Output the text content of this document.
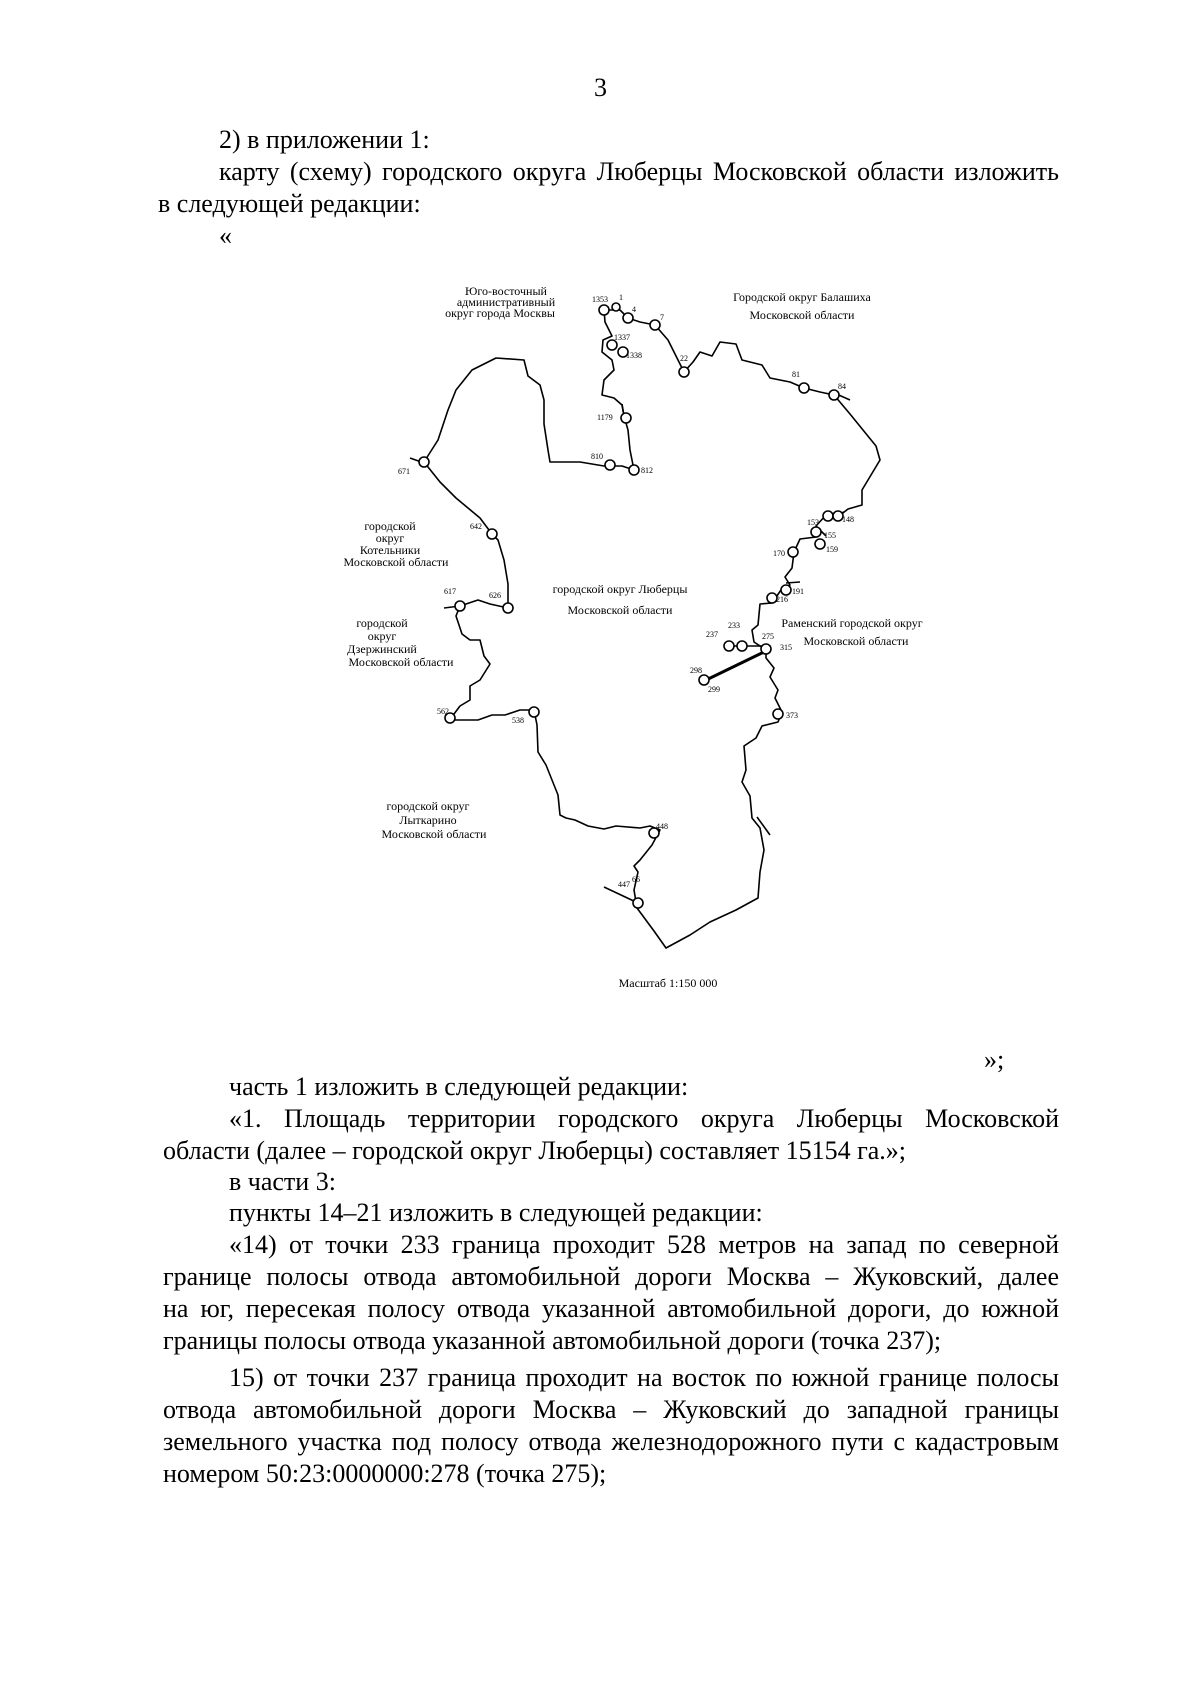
3
2) в приложении 1:
карту (схему) городского округа Люберцы Московской области изложить
в следующей редакции:
«
1353 1
4
7
1337
1338	22
81
84
1179
810
812
671
642
626
617
153	148
155
159
170
191
216
233
237	275
315
298
299
373
562
538
448
447
66
Юго-восточный административный округ города Москвы
Городской округ Балашиха Московской области
городской округ Котельники Московской области
городской округ Люберцы Московской области
городской округ Дзержинский Московской области
Раменский городской округ Московской области
городской округ Лыткарино Московской области
Масштаб 1:150 000
»;
часть 1 изложить в следующей редакции:
«1. Площадь территории городского округа Люберцы Московской
области (далее – городской округ Люберцы) составляет 15154 га.»;
в части 3:
пункты 14–21 изложить в следующей редакции:
«14) от точки 233 граница проходит 528 метров на запад по северной
границе полосы отвода автомобильной дороги Москва – Жуковский, далее
на юг, пересекая полосу отвода указанной автомобильной дороги, до южной
границы полосы отвода указанной автомобильной дороги (точка 237);
15) от точки 237 граница проходит на восток по южной границе полосы
отвода автомобильной дороги Москва – Жуковский до западной границы
земельного участка под полосу отвода железнодорожного пути с кадастровым
номером 50:23:0000000:278 (точка 275);
